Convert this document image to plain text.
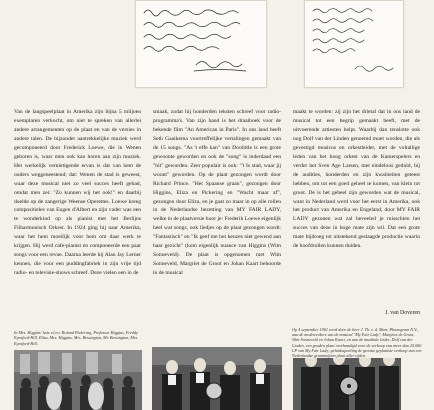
Van de langspeelplaat in Amerika zijn bijna 5 miljoen exemplaren verkocht, om niet te spreken van allerlei andere arrangementen op de plaat en van de versies in andere talen. De bijzonder aantrekkelijke muziek werd gecomponeerd door Frederick Loewe, die in Wenen geboren is, waar men ook kan horen aan zijn muziek. Het werkelijk vernietigende ervan is dat van hem de ouders weggeneestend; dat: Wenen de stad is geweest, waar deze musical niet zo veel succes heeft gehad, omdat men zei: "Zo kunnen wij het ook!" en daarbij doelde op de zangerige Weense Operettes. Loewe kreeg compositieles van Eugen d'Albert en zijn vader was een te wonderkind op als pianist met het Berlijns Filharmonisch Orkest. In 1924 ging hij naar Amerika, waar het hem moeilijk voor hem om daar werk te krijgen. Hij werd cafe-pianist en componeerde een paar songs voor een revue. Daarna leerde hij Alan Jay Lerner kennen, die voor een puddingfabriek in zijn vrije tijd radio- en televisie-shows schreef. Deze vielen een in de

smaak, zodat hij honderden teksten schreef voor radio-programma's. Van zijn hand is het draaiboek voor de bekende film "An American in Paris". In ons land heeft Seth Gaaikema voortreffelijke vertalingen gemaakt van de 15 songs. "As 't effe kan" van Doolittle is een grote gewoonte geworden en ook de "song" is inderdaad een "hit" geworden. Zeer populair is ook: "'t Is stad, waar jij woont" geworden. Op de plaat gezongen wordt door Richard Prince. "Het Spaanse graan", gezongen door Higgins, Eliza en Pickering en "Wacht maar af", gezongen door Eliza, en je gaat zo maar in op alle rollen in de Nederlandse bezetting van MY FAIR LADY, welke in de plaatversie hoor je: Frederik Loewe eigenlijk heel wat songs, ook liedjes op de plaat gezongen wordt: "Fantastisch" en "Ik geef me het keuzes niet gewend aan haar gezicht" (kom eigenlijk nuance van Higgins (Wim Sonneveld). De plaat is opgenomen met Wim Sonneveld, Margriet de Groot en Johan Kaart behoorde in de musical

maakt te worden: zij zijn het drietal dat in ons land de musical tot een begrip gemaakt heeft, met de uitvoerende artiesten helpt. Waarbij dan tenslotte ook nog Dolf van der Linden genoemd moet worden, die als gevestigd musicus en orkestleider, met de voltallige leden van het hoog orkest van de Kamerspelers en verder het Sven Age Larsen, met eindeloos geduld, bij de audities, honderden en zijn kwaliteiten geteest hebben, om tot een goed geheel te komen, van klein tot groot. De is het geheel zijn geworden wat de musical, want in Nederland werd voor het eerst in Amerika, ook het product van Amerika en Engeland, door MY FAIR LADY gezonen wat zal beveeled je misschien het succes van deze in hoge mate zijn wil. Dat een grote mate bijdroeg tot uitstekend geslaagde productie waarin de hoofdrollen kunnen duiden.

J. van Doveren
In Mrs. Higgins' huis v.l.n.r. Roland Pickering, Professor Higgins, Freddy Eynsford-Hill, Eliza, Mrs. Higgins, Mrs. Bessington, Mr. Bessington, Mrs. Eynsford-Hill.
Op 4 september 1961 werd door de heer J. Th. v. d. Marr, Phonogram N.V., aan de medewerkers van de musical "My Fair Lady", Margriet de Groot, Wim Sonneveld en Johan Kaart, en aan de muzikale leider, Dolf van der Linden, een gouden plaat overhandigd voor de verkoop van meer dan 25.000 LP van My Fair Lady; geluidsspoeling de grootst geplaatste verkoop van een Nederlandse grammofoon plaat aller tijden.
